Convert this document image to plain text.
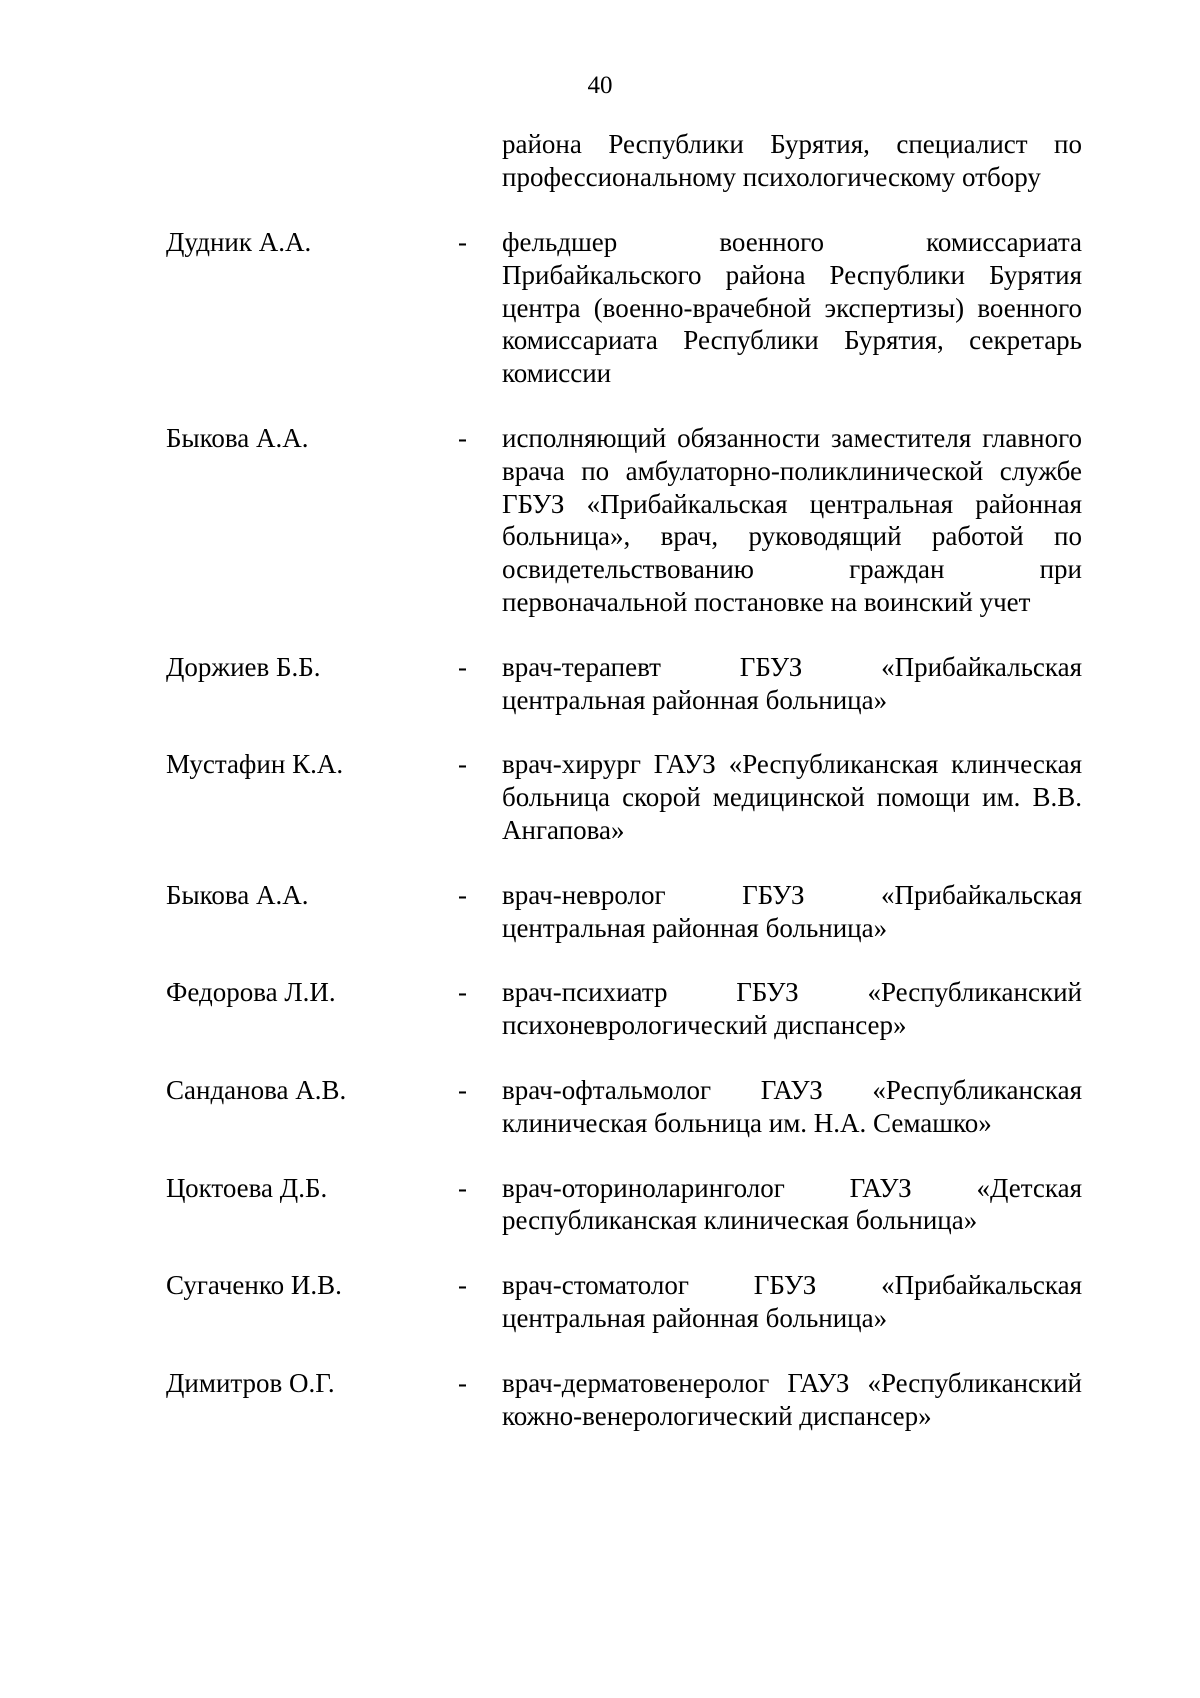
40
района Республики Бурятия, специалист по профессиональному психологическому отбору
Дудник А.А.	- фельдшер военного комиссариата Прибайкальского района Республики Бурятия центра (военно-врачебной экспертизы) военного комиссариата Республики Бурятия, секретарь комиссии
Быкова А.А.	- исполняющий обязанности заместителя главного врача по амбулаторно-поликлинической службе ГБУЗ «Прибайкальская центральная районная больница», врач, руководящий работой по освидетельствованию граждан при первоначальной постановке на воинский учет
Доржиев Б.Б.	- врач-терапевт ГБУЗ «Прибайкальская центральная районная больница»
Мустафин К.А.	- врач-хирург ГАУЗ «Республиканская клинческая больница скорой медицинской помощи им. В.В. Ангапова»
Быкова А.А.	- врач-невролог ГБУЗ «Прибайкальская центральная районная больница»
Федорова Л.И.	- врач-психиатр ГБУЗ «Республиканский психоневрологический диспансер»
Санданова А.В.	- врач-офтальмолог ГАУЗ «Республиканская клиническая больница им. Н.А. Семашко»
Цоктоева Д.Б.	- врач-оториноларинголог ГАУЗ «Детская республиканская клиническая больница»
Сугаченко И.В.	- врач-стоматолог ГБУЗ «Прибайкальская центральная районная больница»
Димитров О.Г.	- врач-дерматовенеролог ГАУЗ «Республиканский кожно-венерологический диспансер»
